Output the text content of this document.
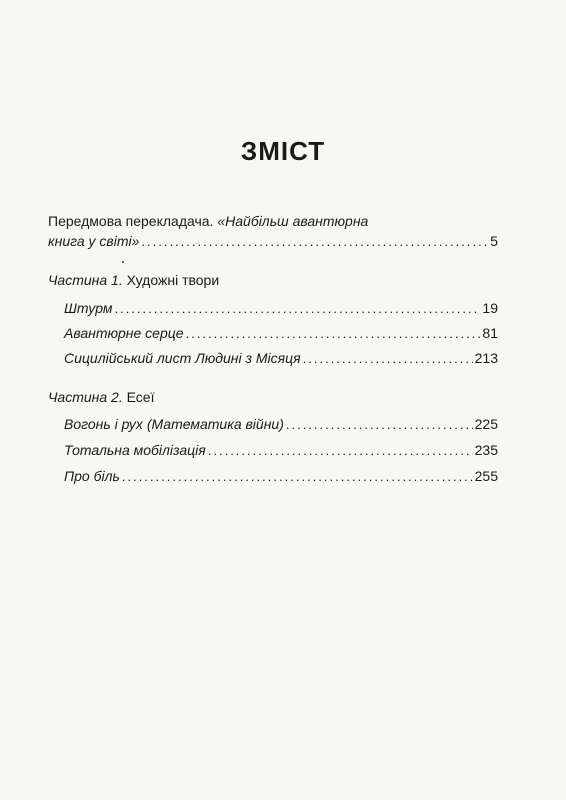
ЗМІСТ
Передмова перекладача. «Найбільш авантюрна
книга у світі» .....	5
Частина 1. Художні твори
Штурм .....	19
Авантюрне серце .....	81
Сицилійський лист Людині з Місяця .....	213
Частина 2. Есеї
Вогонь і рух (Математика війни) .....	225
Тотальна мобілізація .....	235
Про біль .....	255
